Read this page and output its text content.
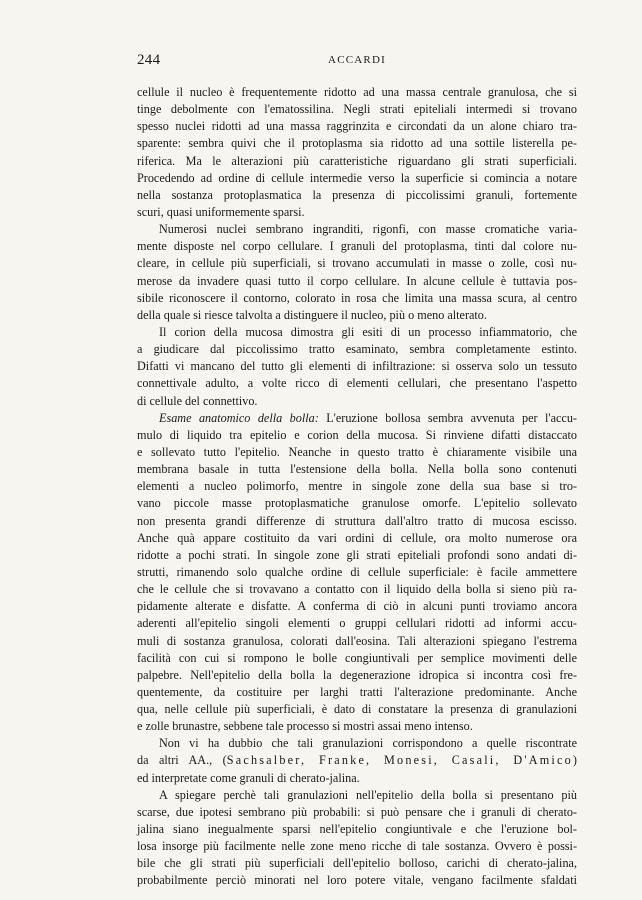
244	ACCARDI
cellule il nucleo è frequentemente ridotto ad una massa centrale granulosa, che si
tinge debolmente con l'ematossilina. Negli strati epiteliali intermedi si trovano
spesso nuclei ridotti ad una massa raggrinzita e circondati da un alone chiaro tra-
sparente: sembra quivi che il protoplasma sia ridotto ad una sottile listerella pe-
riferica. Ma le alterazioni più caratteristiche riguardano gli strati superficiali.
Procedendo ad ordine di cellule intermedie verso la superficie si comincia a notare
nella sostanza protoplasmatica la presenza di piccolissimi granuli, fortemente
scuri, quasi uniformemente sparsi.
Numerosi nuclei sembrano ingranditi, rigonfi, con masse cromatiche varia-
mente disposte nel corpo cellulare. I granuli del protoplasma, tinti dal colore nu-
cleare, in cellule più superficiali, si trovano accumulati in masse o zolle, così nu-
merose da invadere quasi tutto il corpo cellulare. In alcune cellule è tuttavia pos-
sibile riconoscere il contorno, colorato in rosa che limita una massa scura, al centro
della quale si riesce talvolta a distinguere il nucleo, più o meno alterato.
Il corion della mucosa dimostra gli esiti di un processo infiammatorio, che
a giudicare dal piccolissimo tratto esaminato, sembra completamente estinto.
Difatti vi mancano del tutto gli elementi di infiltrazione: si osserva solo un tessuto
connettivale adulto, a volte ricco di elementi cellulari, che presentano l'aspetto
di cellule del connettivo.
Esame anatomico della bolla: L'eruzione bollosa sembra avvenuta per l'accu-
mulo di liquido tra epitelio e corion della mucosa. Si rinviene difatti distaccato
e sollevato tutto l'epitelio. Neanche in questo tratto è chiaramente visibile una
membrana basale in tutta l'estensione della bolla. Nella bolla sono contenuti
elementi a nucleo polimorfo, mentre in singole zone della sua base si tro-
vano piccole masse protoplasmatiche granulose omorfe. L'epitelio sollevato
non presenta grandi differenze di struttura dall'altro tratto di mucosa escisso.
Anche quà appare costituito da vari ordini di cellule, ora molto numerose ora
ridotte a pochi strati. In singole zone gli strati epiteliali profondi sono andati di-
strutti, rimanendo solo qualche ordine di cellule superficiale: è facile ammettere
che le cellule che si trovavano a contatto con il liquido della bolla si sieno più ra-
pidamente alterate e disfatte. A conferma di ciò in alcuni punti troviamo ancora
aderenti all'epitelio singoli elementi o gruppi cellulari ridotti ad informi accu-
muli di sostanza granulosa, colorati dall'eosina. Tali alterazioni spiegano l'estrema
facilità con cui si rompono le bolle congiuntivali per semplice movimenti delle
palpebre. Nell'epitelio della bolla la degenerazione idropica si incontra così fre-
quentemente, da costituire per larghi tratti l'alterazione predominante. Anche
qua, nelle cellule più superficiali, è dato di constatare la presenza di granulazioni
e zolle brunastre, sebbene tale processo si mostri assai meno intenso.
Non vi ha dubbio che tali granulazioni corrispondono a quelle riscontrate
da altri AA., (Sachsalber, Franke, Monesi, Casali, D'Amico)
ed interpretate come granuli di cherato-jalina.
A spiegare perchè tali granulazioni nell'epitelio della bolla si presentano più
scarse, due ipotesi sembrano più probabili: si può pensare che i granuli di cherato-
jalina siano inegualmente sparsi nell'epitelio congiuntivale e che l'eruzione bol-
losa insorge più facilmente nelle zone meno ricche di tale sostanza. Ovvero è possi-
bile che gli strati più superficiali dell'epitelio bolloso, carichi di cherato-jalina,
probabilmente perciò minorati nel loro potere vitale, vengano facilmente sfaldati
